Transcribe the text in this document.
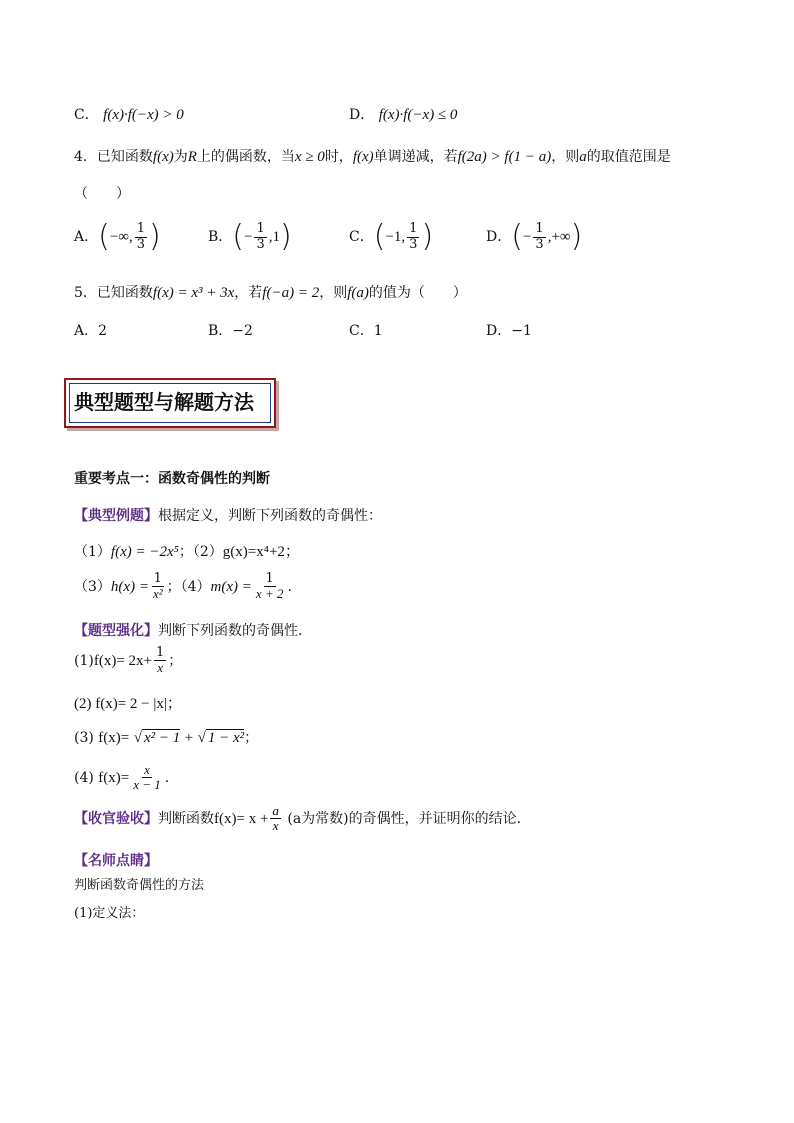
C． f(x)·f(−x) > 0	D． f(x)·f(−x) ≤ 0
4．已知函数f(x)为R上的偶函数，当x ≥ 0时，f(x)单调递减，若f(2a) > f(1 − a)，则a的取值范围是
（　　）
A．(−∞, $\frac{1}{3}$ )	B．(− $\frac{1}{3} ,1$)	C．(−1, $\frac{1}{3}$ )	D．(− $\frac{1}{3}$ ,+∞)
5．已知函数f(x) = x³ + 3x，若f(−a) = 2，则f(a)的值为（　　）
A．2	B．−2	C．1	D．−1
典型题型与解题方法
重要考点一：函数奇偶性的判断
【典型例题】根据定义，判断下列函数的奇偶性：
（1）f(x) = −2x⁵；（2）g(x)=x⁴+2；
$(3)h(x) = \frac{1}{\text{x²}}$ ；$(4)m(x) = \frac{1}{x + 2}$ .
【题型强化】判断下列函数的奇偶性．
$(1)f(x)= 2x+ \frac{1}{x}$ ；
(2) f(x)= 2 − |x|；
(3) f(x)= √ x² − 1 + √ 1 − x²；
(4) $f(x)= \frac{x}{x - 1}$ .
【收官验收】判断函数$f(x)= x + \frac{a}{x} (a$为常数)的奇偶性，并证明你的结论．
【名师点睛】
判断函数奇偶性的方法
(1)定义法：
